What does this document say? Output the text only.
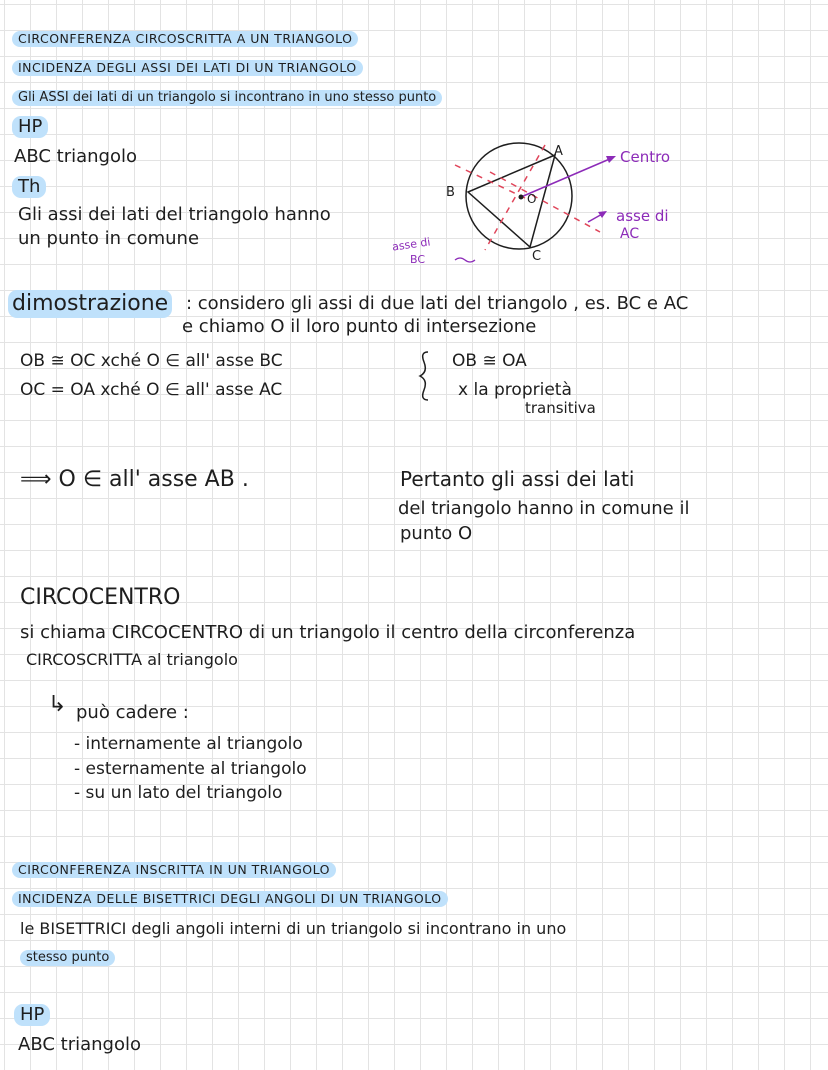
CIRCONFERENZA CIRCOSCRITTA A UN TRIANGOLO
INCIDENZA DEGLI ASSI DEI LATI DI UN TRIANGOLO
Gli ASSI dei lati di un triangolo si incontrano in uno stesso punto
HP
ABC triangolo
Th
Gli assi dei lati del triangolo hanno
un punto in comune
A
B
C
O
Centro
asse di
AC
asse di
BC
dimostrazione : considero gli assi di due lati del triangolo , es. BC e AC
e chiamo O il loro punto di intersezione
OB ≅ OC xché O ∈ all' asse BC
OC = OA xché O ∈ all' asse AC
OB ≅ OA
x la proprietà
transitiva
⟹ O ∈ all' asse AB .	Pertanto gli assi dei lati
del triangolo hanno in comune il
punto O
CIRCOCENTRO
si chiama CIRCOCENTRO di un triangolo il centro della circonferenza
CIRCOSCRITTA al triangolo
↳ può cadere :
- internamente al triangolo
- esternamente al triangolo
- su un lato del triangolo
CIRCONFERENZA INSCRITTA IN UN TRIANGOLO
INCIDENZA DELLE BISETTRICI DEGLI ANGOLI DI UN TRIANGOLO
le BISETTRICI degli angoli interni di un triangolo si incontrano in uno
stesso punto
HP
ABC triangolo
